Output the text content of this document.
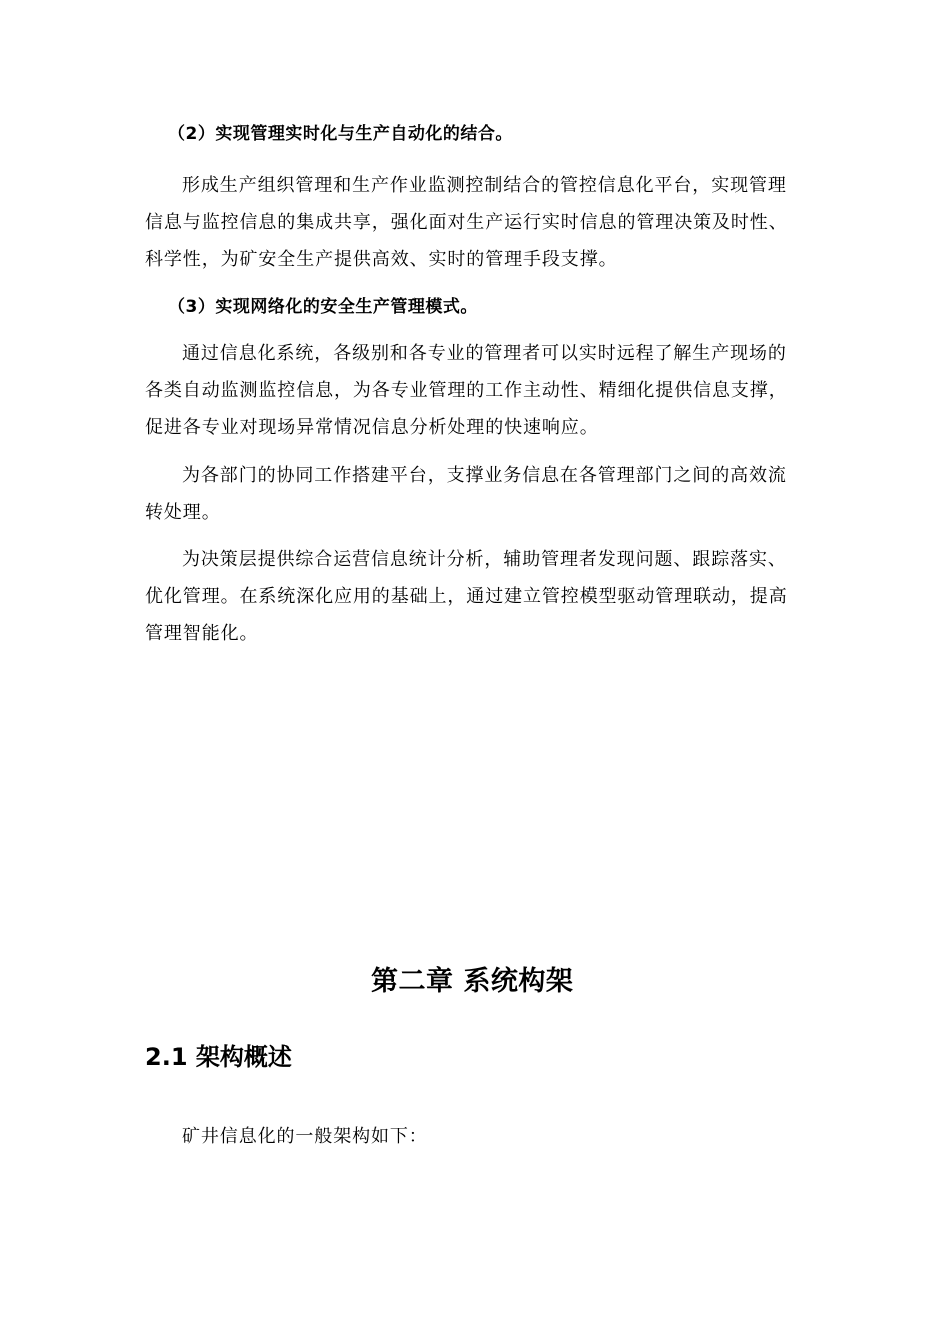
（2）实现管理实时化与生产自动化的结合。

形成生产组织管理和生产作业监测控制结合的管控信息化平台，实现管理

信息与监控信息的集成共享，强化面对生产运行实时信息的管理决策及时性、

科学性，为矿安全生产提供高效、实时的管理手段支撑。

（3）实现网络化的安全生产管理模式。

通过信息化系统，各级别和各专业的管理者可以实时远程了解生产现场的

各类自动监测监控信息，为各专业管理的工作主动性、精细化提供信息支撑，

促进各专业对现场异常情况信息分析处理的快速响应。

为各部门的协同工作搭建平台，支撑业务信息在各管理部门之间的高效流

转处理。

为决策层提供综合运营信息统计分析，辅助管理者发现问题、跟踪落实、

优化管理。在系统深化应用的基础上，通过建立管控模型驱动管理联动，提高

管理智能化。

第二章 系统构架
2.1 架构概述

矿井信息化的一般架构如下：
